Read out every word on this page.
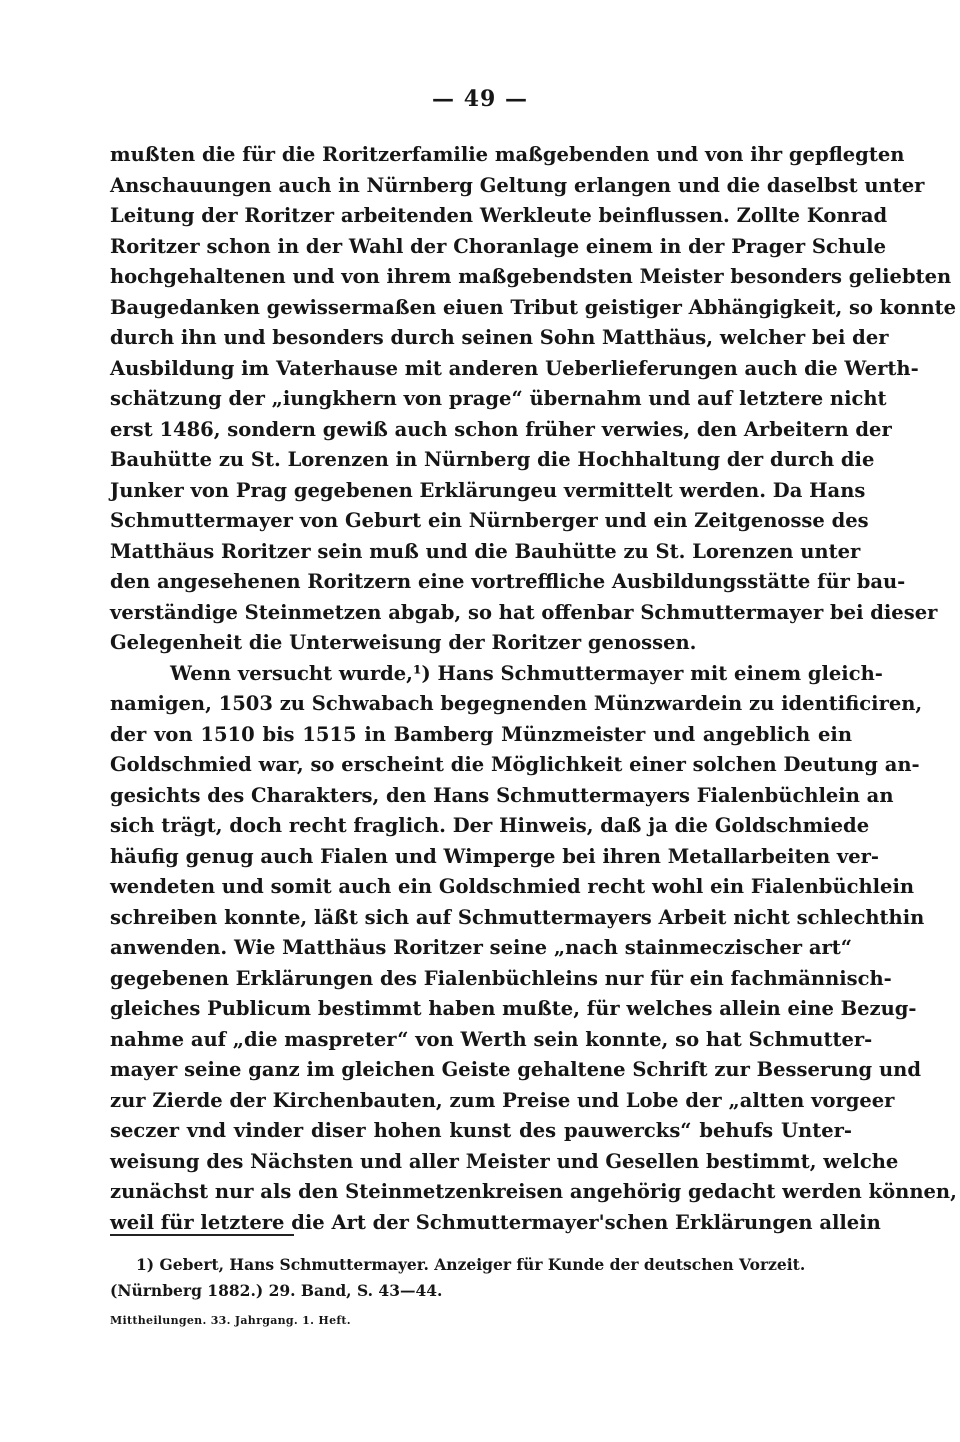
— 49 —
mußten die für die Roritzerfamilie maßgebenden und von ihr gepflegten
Anschauungen auch in Nürnberg Geltung erlangen und die daselbst unter
Leitung der Roritzer arbeitenden Werkleute beinflussen. Zollte Konrad
Roritzer schon in der Wahl der Choranlage einem in der Prager Schule
hochgehaltenen und von ihrem maßgebendsten Meister besonders geliebten
Baugedanken gewissermaßen eiuen Tribut geistiger Abhängigkeit, so konnte
durch ihn und besonders durch seinen Sohn Matthäus, welcher bei der
Ausbildung im Vaterhause mit anderen Ueberlieferungen auch die Werth-
schätzung der „iungkhern von prage“ übernahm und auf letztere nicht
erst 1486, sondern gewiß auch schon früher verwies, den Arbeitern der
Bauhütte zu St. Lorenzen in Nürnberg die Hochhaltung der durch die
Junker von Prag gegebenen Erklärungeu vermittelt werden. Da Hans
Schmuttermayer von Geburt ein Nürnberger und ein Zeitgenosse des
Matthäus Roritzer sein muß und die Bauhütte zu St. Lorenzen unter
den angesehenen Roritzern eine vortreffliche Ausbildungsstätte für bau-
verständige Steinmetzen abgab, so hat offenbar Schmuttermayer bei dieser
Gelegenheit die Unterweisung der Roritzer genossen.
Wenn versucht wurde,¹) Hans Schmuttermayer mit einem gleich-
namigen, 1503 zu Schwabach begegnenden Münzwardein zu identificiren,
der von 1510 bis 1515 in Bamberg Münzmeister und angeblich ein
Goldschmied war, so erscheint die Möglichkeit einer solchen Deutung an-
gesichts des Charakters, den Hans Schmuttermayers Fialenbüchlein an
sich trägt, doch recht fraglich. Der Hinweis, daß ja die Goldschmiede
häufig genug auch Fialen und Wimperge bei ihren Metallarbeiten ver-
wendeten und somit auch ein Goldschmied recht wohl ein Fialenbüchlein
schreiben konnte, läßt sich auf Schmuttermayers Arbeit nicht schlechthin
anwenden. Wie Matthäus Roritzer seine „nach stainmeczischer art“
gegebenen Erklärungen des Fialenbüchleins nur für ein fachmännisch-
gleiches Publicum bestimmt haben mußte, für welches allein eine Bezug-
nahme auf „die maspreter“ von Werth sein konnte, so hat Schmutter-
mayer seine ganz im gleichen Geiste gehaltene Schrift zur Besserung und
zur Zierde der Kirchenbauten, zum Preise und Lobe der „altten vorgeer
seczer vnd vinder diser hohen kunst des pauwercks“ behufs Unter-
weisung des Nächsten und aller Meister und Gesellen bestimmt, welche
zunächst nur als den Steinmetzenkreisen angehörig gedacht werden können,
weil für letztere die Art der Schmuttermayer'schen Erklärungen allein
1) Gebert, Hans Schmuttermayer. Anzeiger für Kunde der deutschen Vorzeit.
(Nürnberg 1882.) 29. Band, S. 43—44.
Mittheilungen. 33. Jahrgang. 1. Heft.
